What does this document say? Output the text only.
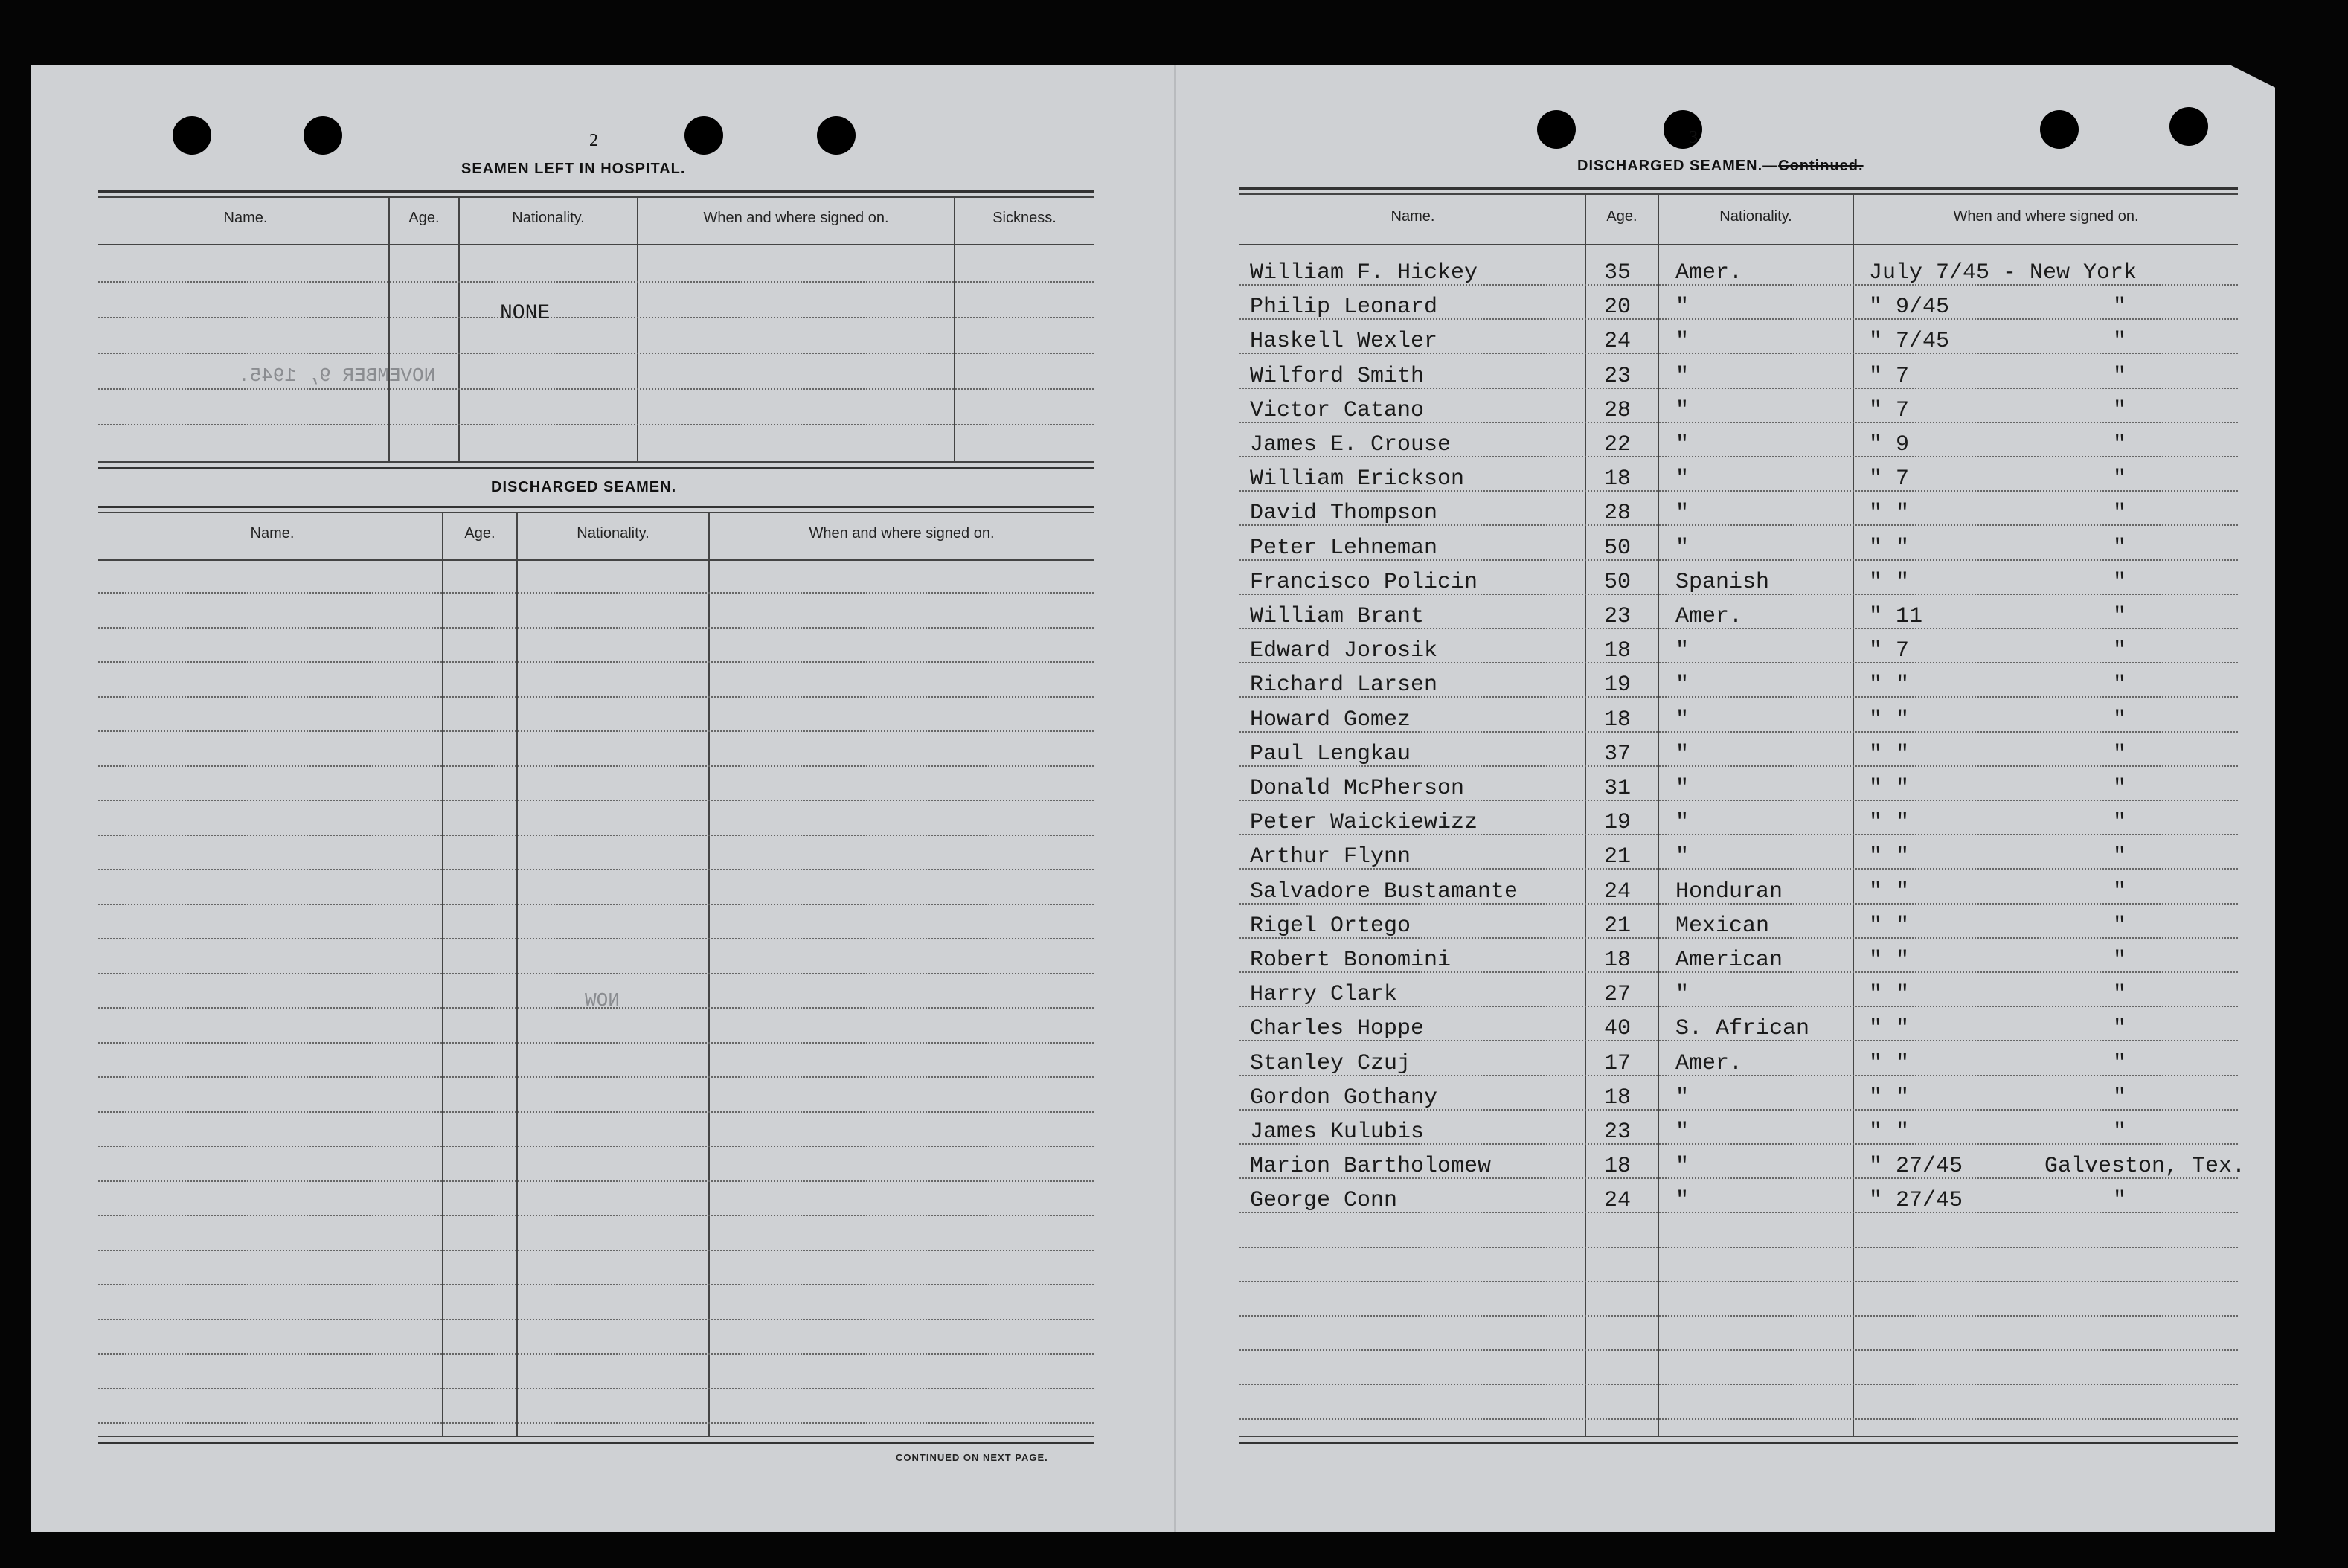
2
SEAMEN LEFT IN HOSPITAL.
Name.	Age.	Nationality.	When and where signed on.	Sickness.
NONE
NOVEMBER 9, 1945.
DISCHARGED SEAMEN.
Name.	Age.	Nationality.	When and where signed on.
NOW
CONTINUED ON NEXT PAGE.
3
DISCHARGED SEAMEN.—Continued.
Name.	Age.	Nationality.	When and where signed on.
William F. Hickey	35 Amer.	July 7/45 - New York
Philip Leonard	20 "	" 9/45	"
Haskell Wexler	24 "	" 7/45	"
Wilford Smith	23 "	" 7	"
Victor Catano	28 "	" 7	"
James E. Crouse	22 "	" 9	"
William Erickson	18 "	" 7	"
David Thompson	28 "	" "	"
Peter Lehneman	50 "	" "	"
Francisco Policin	50 Spanish	" "	"
William Brant	23 Amer.	" 11	"
Edward Jorosik	18 "	" 7	"
Richard Larsen	19 "	" "	"
Howard Gomez	18 "	" "	"
Paul Lengkau	37 "	" "	"
Donald McPherson	31 "	" "	"
Peter Waickiewizz	19 "	" "	"
Arthur Flynn	21 "	" "	"
Salvadore Bustamante	24 Honduran	" "	"
Rigel Ortego	21 Mexican	" "	"
Robert Bonomini	18 American	" "	"
Harry Clark	27 "	" "	"
Charles Hoppe	40 S. African	" "	"
Stanley Czuj	17 Amer.	" "	"
Gordon Gothany	18 "	" "	"
James Kulubis	23 "	" "	"
Marion Bartholomew	18 "	" 27/45	Galveston, Tex.
George Conn	24 "	" 27/45	"
